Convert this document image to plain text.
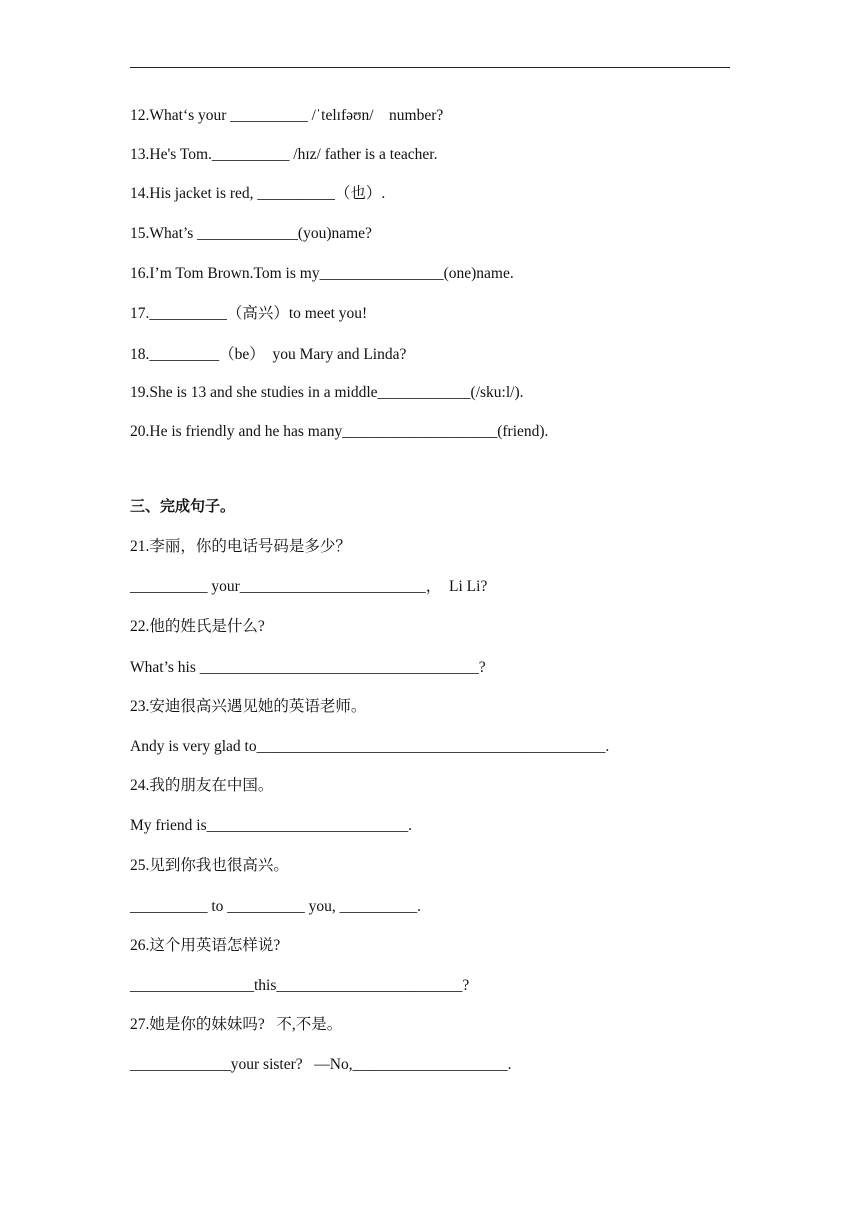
12.What‘s your __________ /ˈtelɪfəʊn/    number?
13.He's Tom.__________ /hɪz/ father is a teacher.
14.His jacket is red, __________（也）.
15.What’s _____________(you)name?
16.I’m Tom Brown.Tom is my________________(one)name.
17.__________（高兴）to meet you!
18._________（be）  you Mary and Linda?
19.She is 13 and she studies in a middle____________(/sku:l/).
20.He is friendly and he has many____________________(friend).
三、完成句子。
21.李丽，你的电话号码是多少？
__________ your________________________，  Li Li?
22.他的姓氏是什么?
What’s his ____________________________________?
23.安迪很高兴遇见她的英语老师。
Andy is very glad to_____________________________________________.
24.我的朋友在中国。
My friend is__________________________.
25.见到你我也很高兴。
__________ to __________ you, __________.
26.这个用英语怎样说?
________________this________________________?
27.她是你的妹妹吗?   不,不是。
_____________your sister?   —No,____________________.
